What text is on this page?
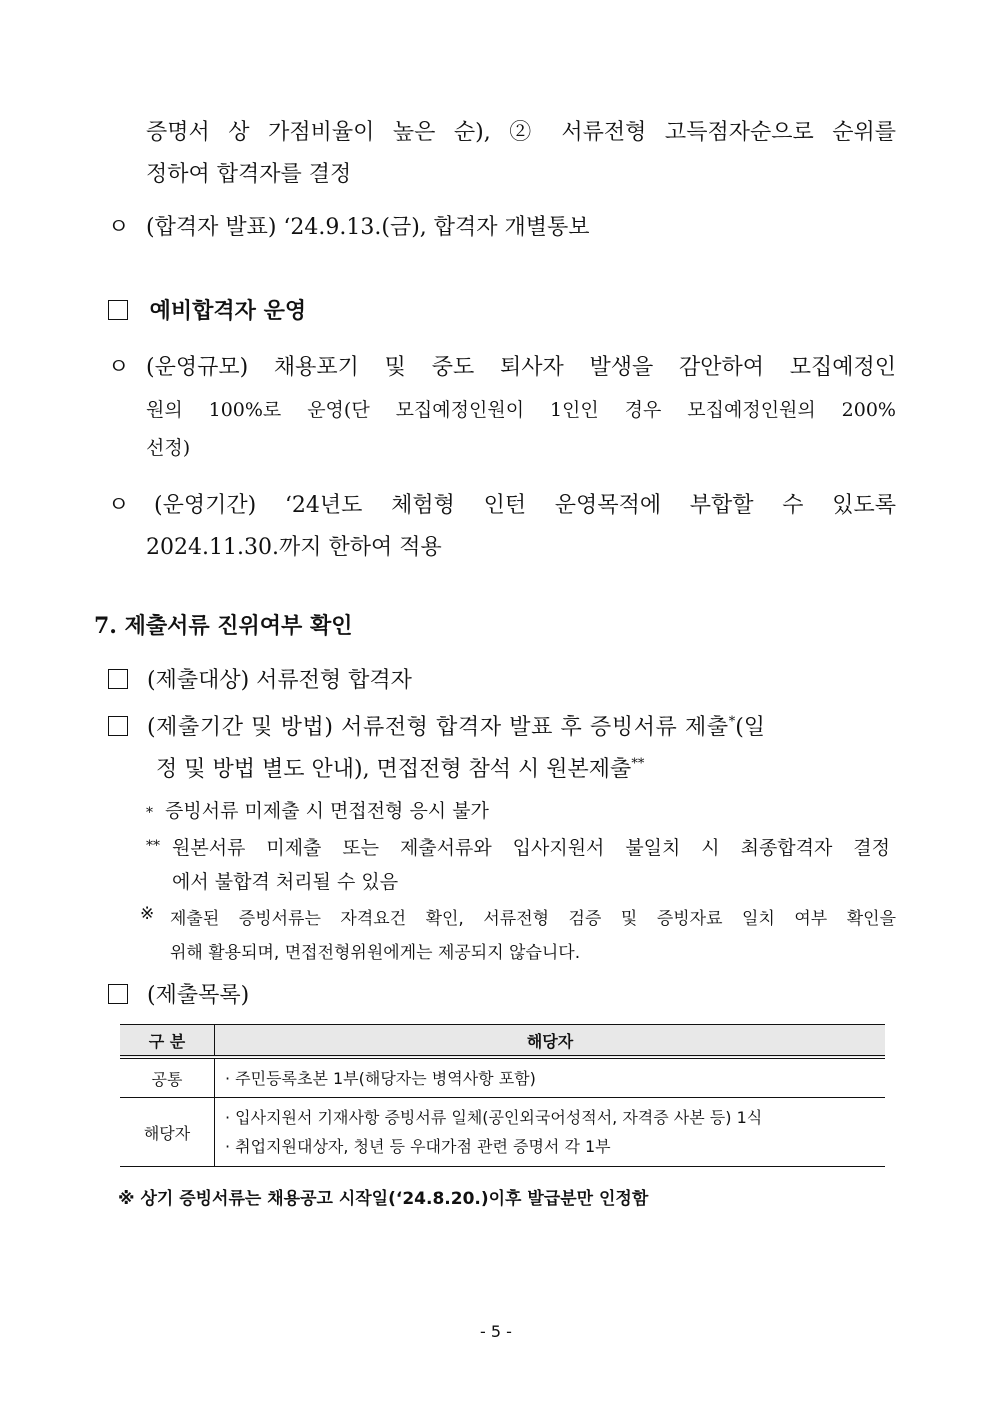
증명서 상 가점비율이 높은 순), ② 서류전형 고득점자순으로 순위를
정하여 합격자를 결정
ㅇ (합격자 발표) ‘24.9.13.(금), 합격자 개별통보
예비합격자 운영
ㅇ (운영규모) 채용포기 및 중도 퇴사자 발생을 감안하여 모집예정인
원의 100%로 운영(단 모집예정인원이 1인인 경우 모집예정인원의 200%
선정)
ㅇ (운영기간) ‘24년도 체험형 인턴 운영목적에 부합할 수 있도록
2024.11.30.까지 한하여 적용
7. 제출서류 진위여부 확인
(제출대상) 서류전형 합격자
(제출기간 및 방법) 서류전형 합격자 발표 후 증빙서류 제출*(일
정 및 방법 별도 안내), 면접전형 참석 시 원본제출**
* 증빙서류 미제출 시 면접전형 응시 불가
** 원본서류 미제출 또는 제출서류와 입사지원서 불일치 시 최종합격자 결정
에서 불합격 처리될 수 있음
※ 제출된 증빙서류는 자격요건 확인, 서류전형 검증 및 증빙자료 일치 여부 확인을
위해 활용되며, 면접전형위원에게는 제공되지 않습니다.
(제출목록)
구 분	해당자
공통	· 주민등록초본 1부(해당자는 병역사항 포함)

해당자	· 입사지원서 기재사항 증빙서류 일체(공인외국어성적서, 자격증 사본 등) 1식
· 취업지원대상자, 청년 등 우대가점 관련 증명서 각 1부
※ 상기 증빙서류는 채용공고 시작일(‘24.8.20.)이후 발급분만 인정함
- 5 -
